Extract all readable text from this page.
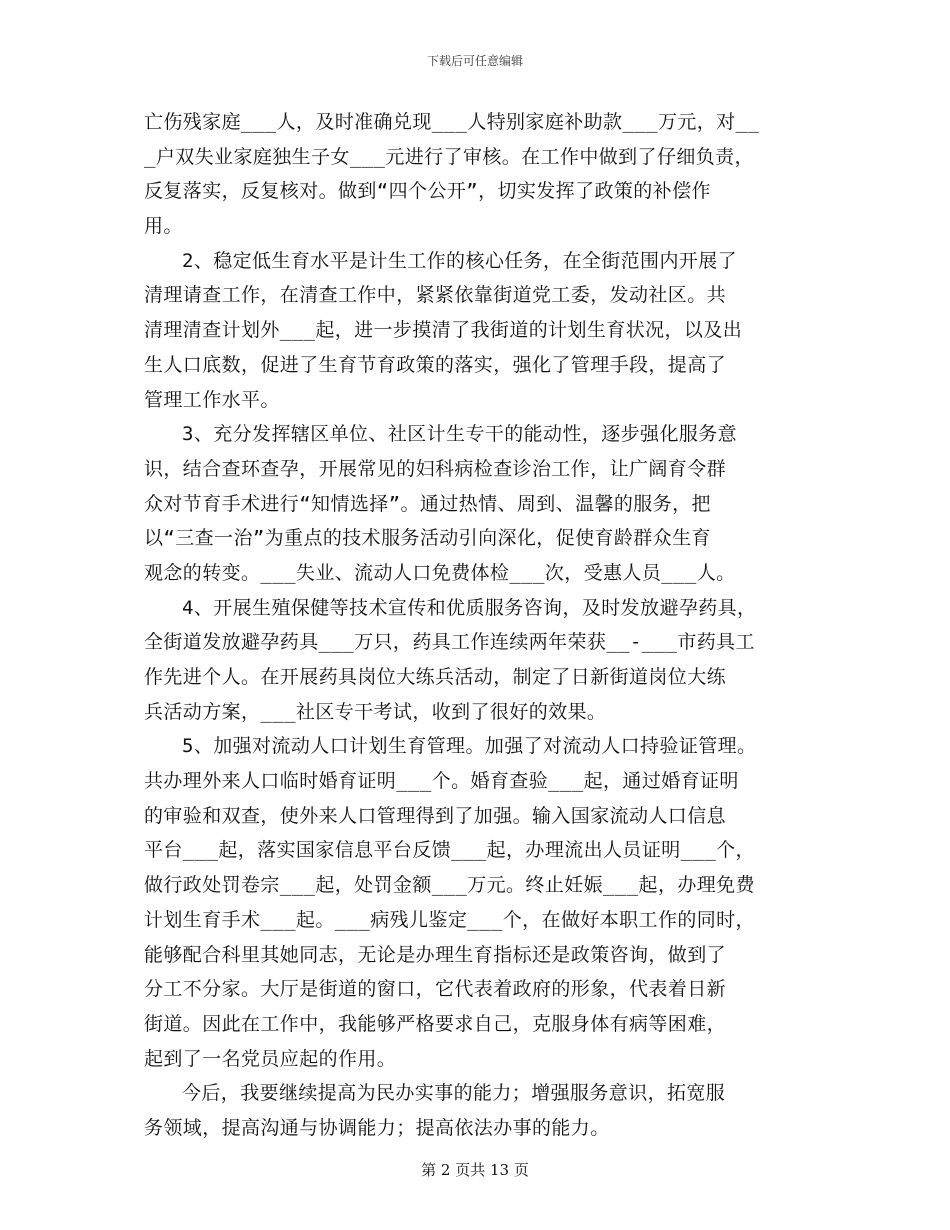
下载后可任意编辑
亡伤残家庭___人，及时准确兑现___人特别家庭补助款___万元，对__
_户双失业家庭独生子女___元进行了审核。在工作中做到了仔细负责，
反复落实，反复核对。做到“四个公开”，切实发挥了政策的补偿作
用。
2、稳定低生育水平是计生工作的核心任务，在全街范围内开展了
清理请查工作，在清查工作中，紧紧依靠街道党工委，发动社区。共
清理清查计划外___起，进一步摸清了我街道的计划生育状况，以及出
生人口底数，促进了生育节育政策的落实，强化了管理手段，提高了
管理工作水平。
3、充分发挥辖区单位、社区计生专干的能动性，逐步强化服务意
识，结合查环查孕，开展常见的妇科病检查诊治工作，让广阔育令群
众对节育手术进行“知情选择”。通过热情、周到、温馨的服务，把
以“三查一治”为重点的技术服务活动引向深化，促使育龄群众生育
观念的转变。___失业、流动人口免费体检___次，受惠人员___人。
4、开展生殖保健等技术宣传和优质服务咨询，及时发放避孕药具，
全街道发放避孕药具___万只，药具工作连续两年荣获__-___市药具工
作先进个人。在开展药具岗位大练兵活动，制定了日新街道岗位大练
兵活动方案，___社区专干考试，收到了很好的效果。
5、加强对流动人口计划生育管理。加强了对流动人口持验证管理。
共办理外来人口临时婚育证明___个。婚育查验___起，通过婚育证明
的审验和双查，使外来人口管理得到了加强。输入国家流动人口信息
平台___起，落实国家信息平台反馈___起，办理流出人员证明___个，
做行政处罚卷宗___起，处罚金额___万元。终止妊娠___起，办理免费
计划生育手术___起。___病残儿鉴定___个，在做好本职工作的同时，
能够配合科里其她同志，无论是办理生育指标还是政策咨询，做到了
分工不分家。大厅是街道的窗口，它代表着政府的形象，代表着日新
街道。因此在工作中，我能够严格要求自己，克服身体有病等困难，
起到了一名党员应起的作用。
今后，我要继续提高为民办实事的能力；增强服务意识，拓宽服
务领域，提高沟通与协调能力；提高依法办事的能力。
第 2 页共 13 页
